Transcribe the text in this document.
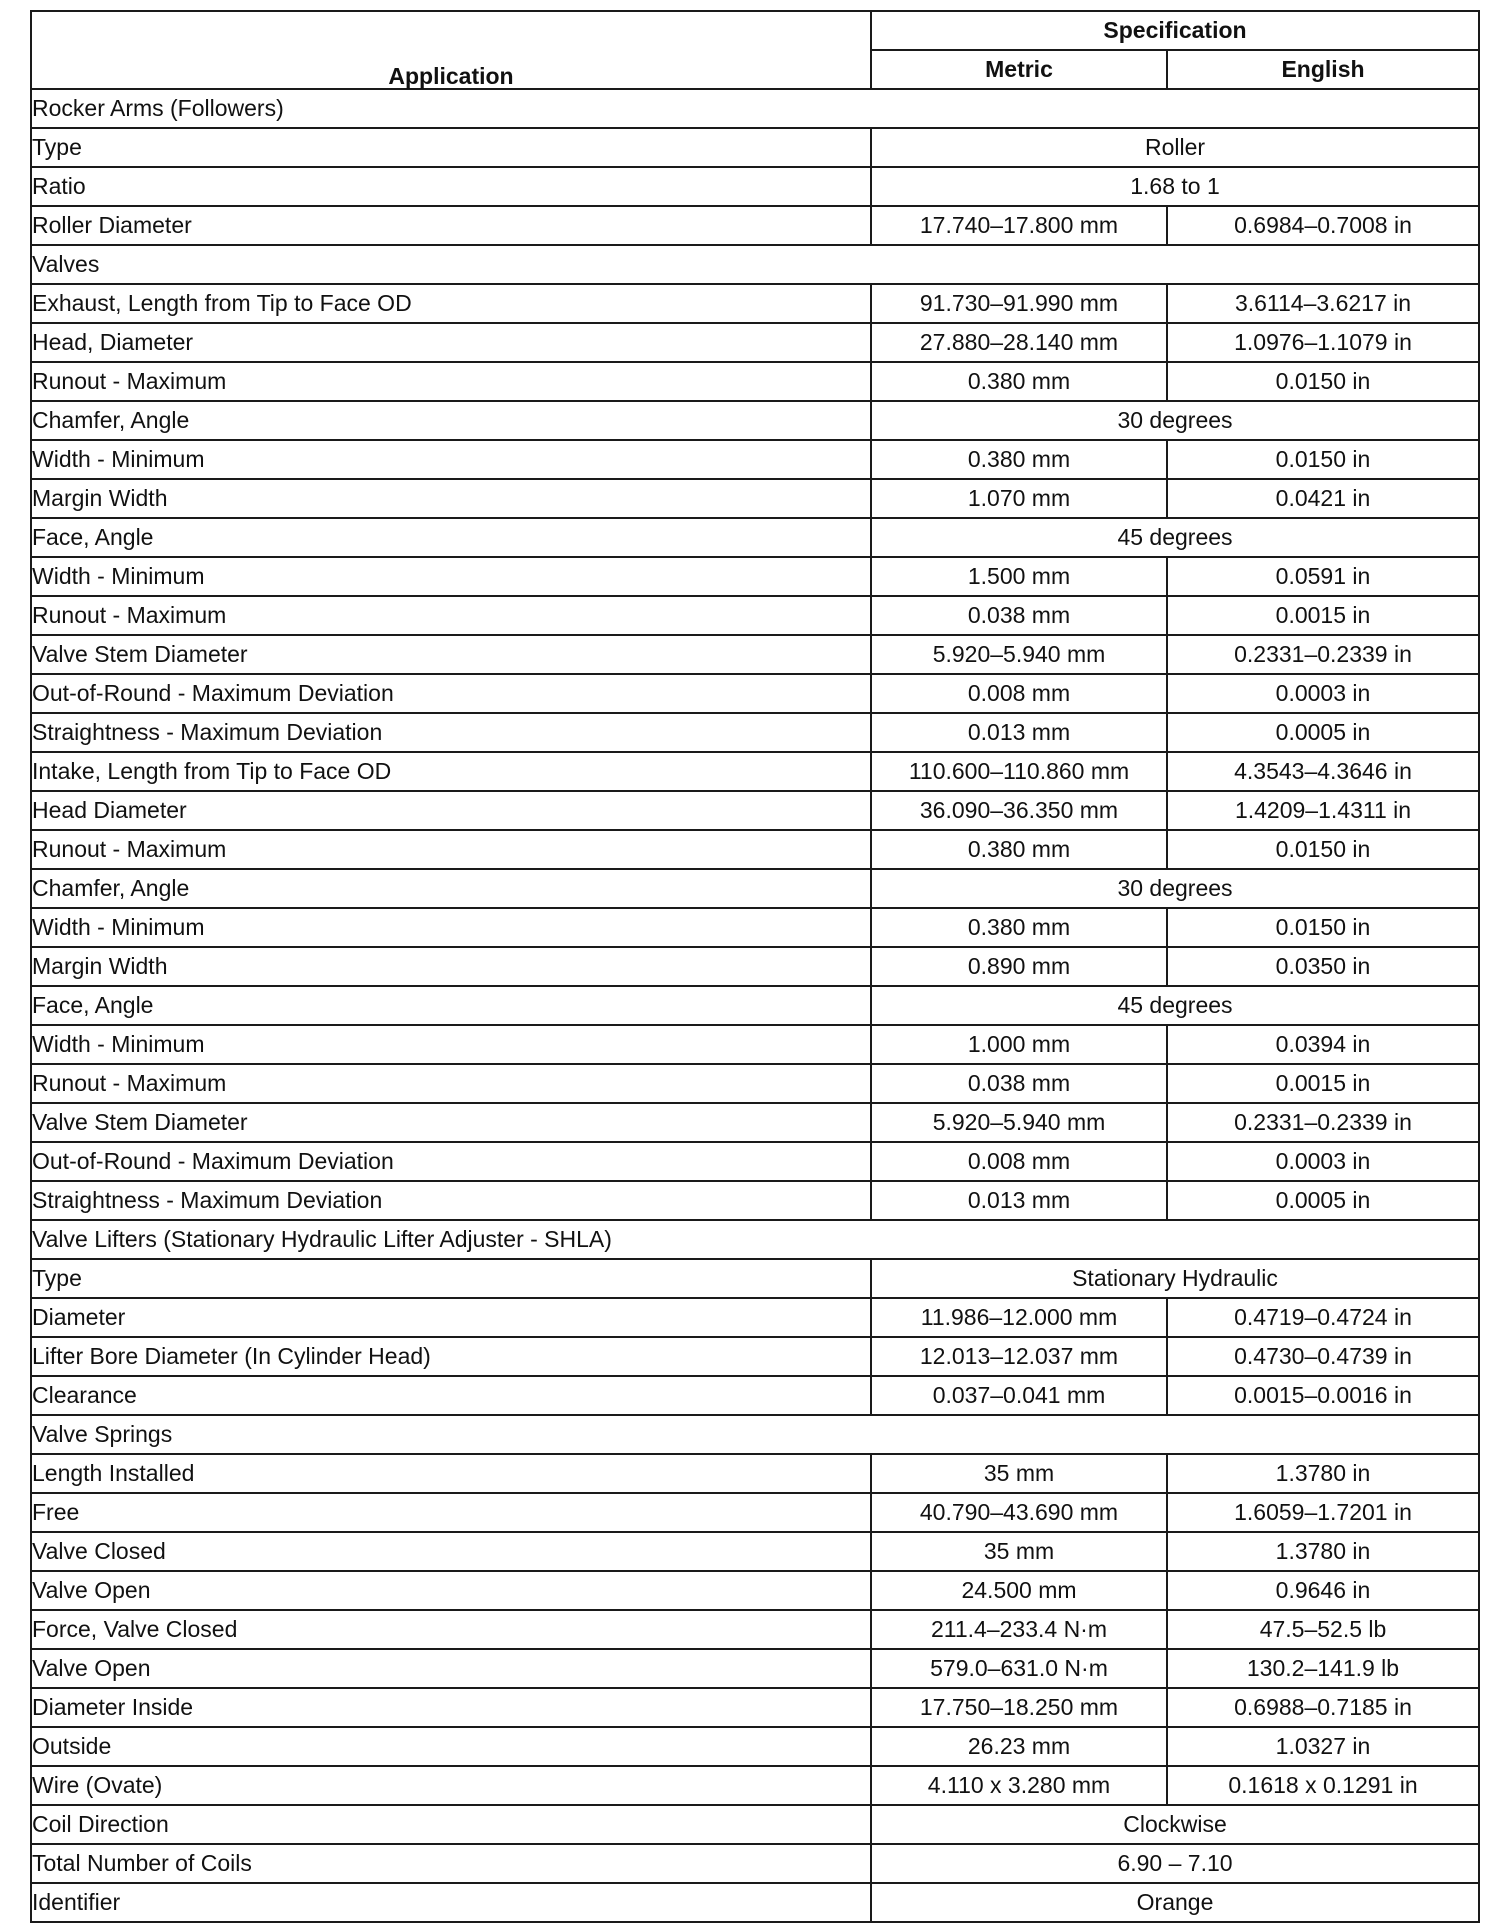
Application	Specification	
	Metric	English
Rocker Arms (Followers)		
Type	Roller	
Ratio	1.68 to 1	
Roller Diameter	17.740–17.800 mm	0.6984–0.7008 in
Valves		
Exhaust, Length from Tip to Face OD	91.730–91.990 mm	3.6114–3.6217 in
Head, Diameter	27.880–28.140 mm	1.0976–1.1079 in
Runout - Maximum	0.380 mm	0.0150 in
Chamfer, Angle	30 degrees	
Width - Minimum	0.380 mm	0.0150 in
Margin Width	1.070 mm	0.0421 in
Face, Angle	45 degrees	
Width - Minimum	1.500 mm	0.0591 in
Runout - Maximum	0.038 mm	0.0015 in
Valve Stem Diameter	5.920–5.940 mm	0.2331–0.2339 in
Out-of-Round - Maximum Deviation	0.008 mm	0.0003 in
Straightness - Maximum Deviation	0.013 mm	0.0005 in
Intake, Length from Tip to Face OD	110.600–110.860 mm	4.3543–4.3646 in
Head Diameter	36.090–36.350 mm	1.4209–1.4311 in
Runout - Maximum	0.380 mm	0.0150 in
Chamfer, Angle	30 degrees	
Width - Minimum	0.380 mm	0.0150 in
Margin Width	0.890 mm	0.0350 in
Face, Angle	45 degrees	
Width - Minimum	1.000 mm	0.0394 in
Runout - Maximum	0.038 mm	0.0015 in
Valve Stem Diameter	5.920–5.940 mm	0.2331–0.2339 in
Out-of-Round - Maximum Deviation	0.008 mm	0.0003 in
Straightness - Maximum Deviation	0.013 mm	0.0005 in
Valve Lifters (Stationary Hydraulic Lifter Adjuster - SHLA)		
Type	Stationary Hydraulic	
Diameter	11.986–12.000 mm	0.4719–0.4724 in
Lifter Bore Diameter (In Cylinder Head)	12.013–12.037 mm	0.4730–0.4739 in
Clearance	0.037–0.041 mm	0.0015–0.0016 in
Valve Springs		
Length Installed	35 mm	1.3780 in
Free	40.790–43.690 mm	1.6059–1.7201 in
Valve Closed	35 mm	1.3780 in
Valve Open	24.500 mm	0.9646 in
Force, Valve Closed	211.4–233.4 N·m	47.5–52.5 lb
Valve Open	579.0–631.0 N·m	130.2–141.9 lb
Diameter Inside	17.750–18.250 mm	0.6988–0.7185 in
Outside	26.23 mm	1.0327 in
Wire (Ovate)	4.110 x 3.280 mm	0.1618 x 0.1291 in
Coil Direction	Clockwise	
Total Number of Coils	6.90 – 7.10	
Identifier	Orange	
